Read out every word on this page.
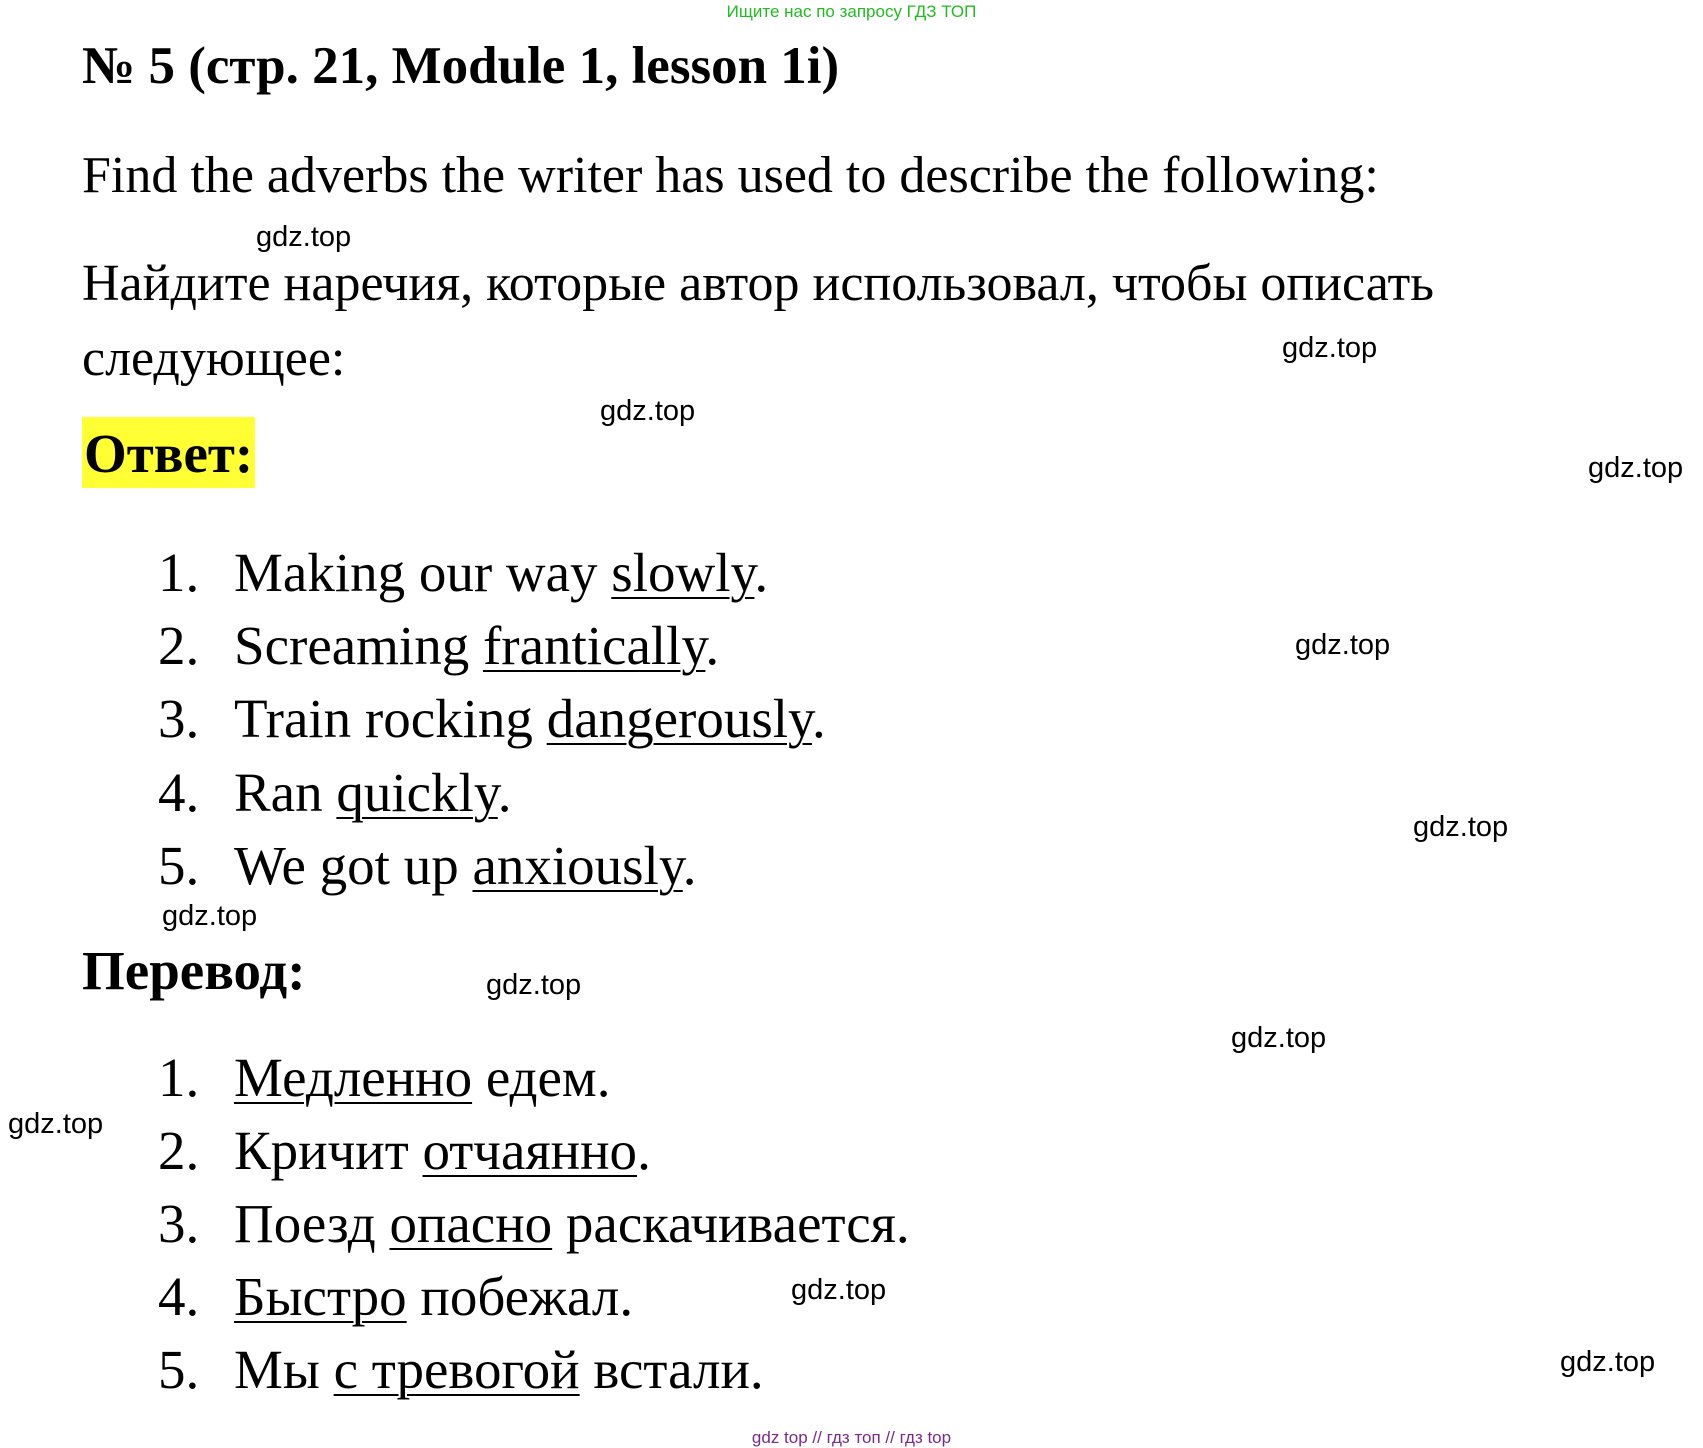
Ищите нас по запросу ГДЗ ТОП
№ 5 (стр. 21, Module 1, lesson 1i)
Find the adverbs the writer has used to describe the following:
Найдите наречия, которые автор использовал, чтобы описать
следующее:
Ответ:
1. Making our way slowly.
2. Screaming frantically.
3. Train rocking dangerously.
4. Ran quickly.
5. We got up anxiously.
Перевод:
1. Медленно едем.
2. Кричит отчаянно.
3. Поезд опасно раскачивается.
4. Быстро побежал.
5. Мы с тревогой встали.
gdz.top
gdz.top
gdz.top
gdz.top
gdz.top
gdz.top
gdz.top
gdz.top
gdz.top
gdz.top
gdz.top
gdz.top
gdz top // гдз топ // гдз top
